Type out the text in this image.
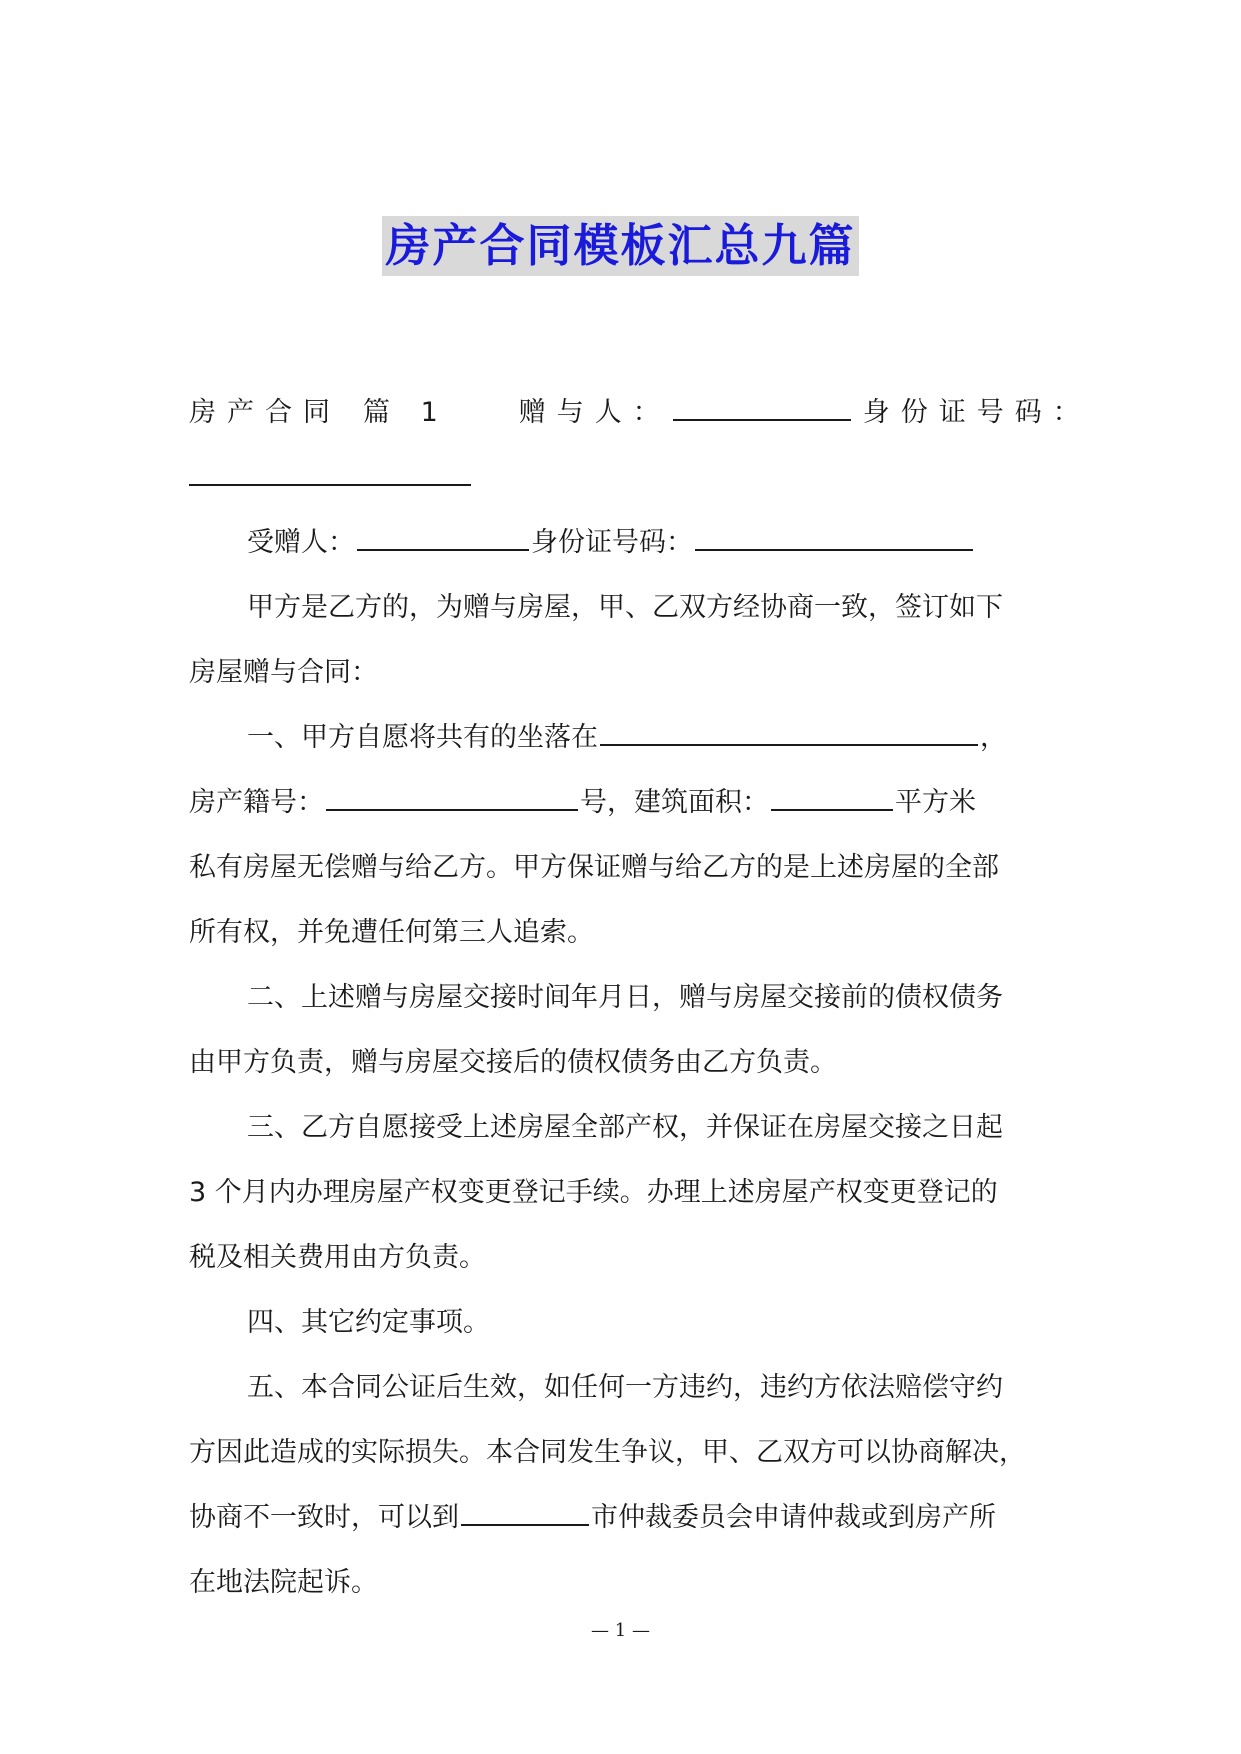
房产合同模板汇总九篇
房产合同 篇 1	赠与人：	身份证号码：
受赠人：	身份证号码：
甲方是乙方的，为赠与房屋，甲、乙双方经协商一致，签订如下
房屋赠与合同：
一、甲方自愿将共有的坐落在	，
房产籍号：	号，建筑面积：	平方米
私有房屋无偿赠与给乙方。甲方保证赠与给乙方的是上述房屋的全部
所有权，并免遭任何第三人追索。
二、上述赠与房屋交接时间年月日，赠与房屋交接前的债权债务
由甲方负责，赠与房屋交接后的债权债务由乙方负责。
三、乙方自愿接受上述房屋全部产权，并保证在房屋交接之日起
3 个月内办理房屋产权变更登记手续。办理上述房屋产权变更登记的
税及相关费用由方负责。
四、其它约定事项。
五、本合同公证后生效，如任何一方违约，违约方依法赔偿守约
方因此造成的实际损失。本合同发生争议，甲、乙双方可以协商解决，
协商不一致时，可以到	市仲裁委员会申请仲裁或到房产所
在地法院起诉。
— 1 —
